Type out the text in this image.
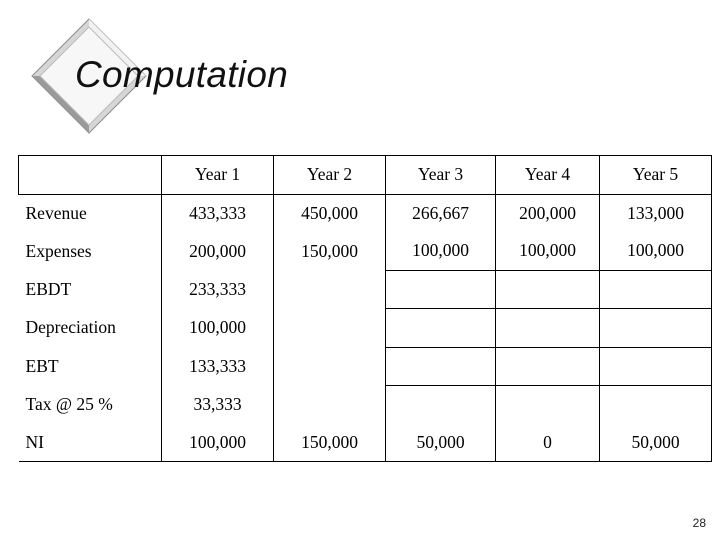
Computation
	Year 1	Year 2	Year 3	Year 4	Year 5
Revenue	433,333	450,000	266,667	200,000	133,000
Expenses	200,000	150,000	100,000	100,000	100,000
EBDT	233,333				
Depreciation	100,000				
EBT	133,333				
Tax @ 25 %	33,333				
NI	100,000	150,000	50,000	0	50,000
28
